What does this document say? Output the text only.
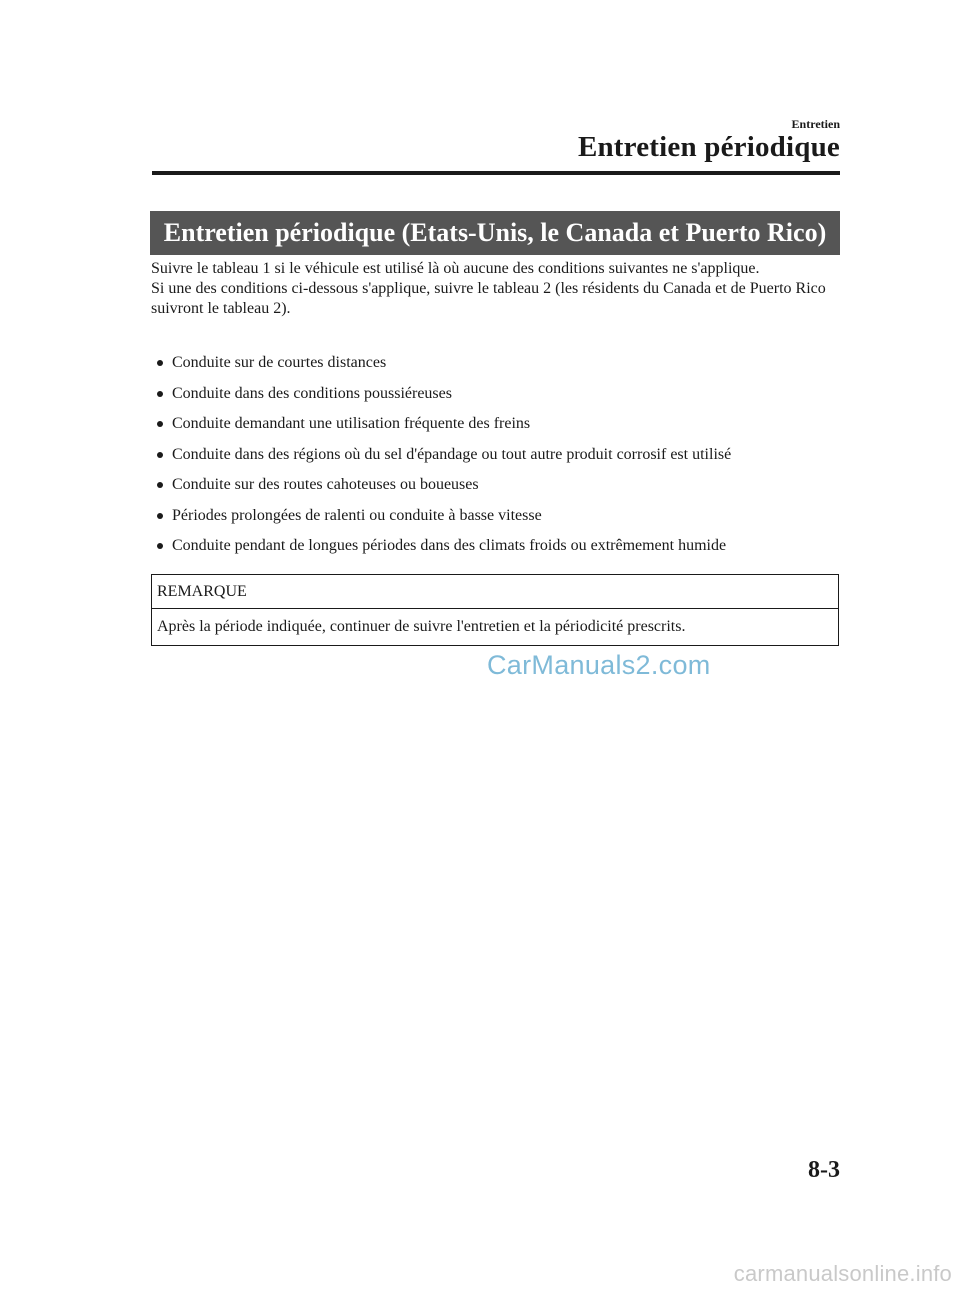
Entretien
Entretien périodique
Entretien périodique (Etats-Unis, le Canada et Puerto Rico)

Suivre le tableau 1 si le véhicule est utilisé là où aucune des conditions suivantes ne s'applique.

Si une des conditions ci-dessous s'applique, suivre le tableau 2 (les résidents du Canada et de Puerto Rico suivront le tableau 2).

Conduite sur de courtes distances
Conduite dans des conditions poussiéreuses
Conduite demandant une utilisation fréquente des freins
Conduite dans des régions où du sel d'épandage ou tout autre produit corrosif est utilisé
Conduite sur des routes cahoteuses ou boueuses
Périodes prolongées de ralenti ou conduite à basse vitesse
Conduite pendant de longues périodes dans des climats froids ou extrêmement humide
REMARQUE
Après la période indiquée, continuer de suivre l'entretien et la périodicité prescrits.
CarManuals2.com
8-3
carmanualsonline.info
